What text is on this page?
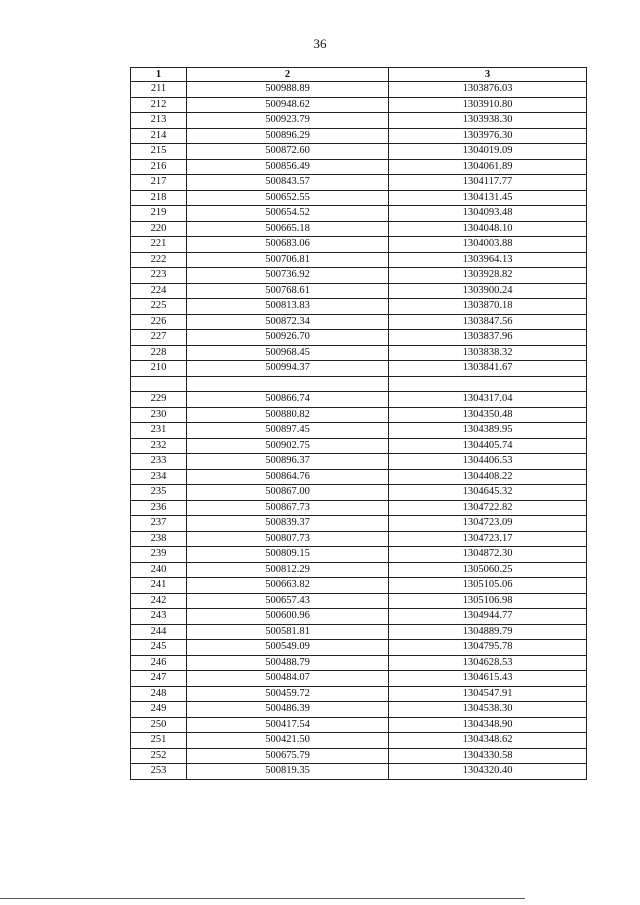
36
1	2	3
211	500988.89	1303876.03
212	500948.62	1303910.80
213	500923.79	1303938.30
214	500896.29	1303976.30
215	500872.60	1304019.09
216	500856.49	1304061.89
217	500843.57	1304117.77
218	500652.55	1304131.45
219	500654.52	1304093.48
220	500665.18	1304048.10
221	500683.06	1304003.88
222	500706.81	1303964.13
223	500736.92	1303928.82
224	500768.61	1303900.24
225	500813.83	1303870.18
226	500872.34	1303847.56
227	500926.70	1303837.96
228	500968.45	1303838.32
210	500994.37	1303841.67

229	500866.74	1304317.04
230	500880.82	1304350.48
231	500897.45	1304389.95
232	500902.75	1304405.74
233	500896.37	1304406.53
234	500864.76	1304408.22
235	500867.00	1304645.32
236	500867.73	1304722.82
237	500839.37	1304723.09
238	500807.73	1304723.17
239	500809.15	1304872.30
240	500812.29	1305060.25
241	500663.82	1305105.06
242	500657.43	1305106.98
243	500600.96	1304944.77
244	500581.81	1304889.79
245	500549.09	1304795.78
246	500488.79	1304628.53
247	500484.07	1304615.43
248	500459.72	1304547.91
249	500486.39	1304538.30
250	500417.54	1304348.90
251	500421.50	1304348.62
252	500675.79	1304330.58
253	500819.35	1304320.40
